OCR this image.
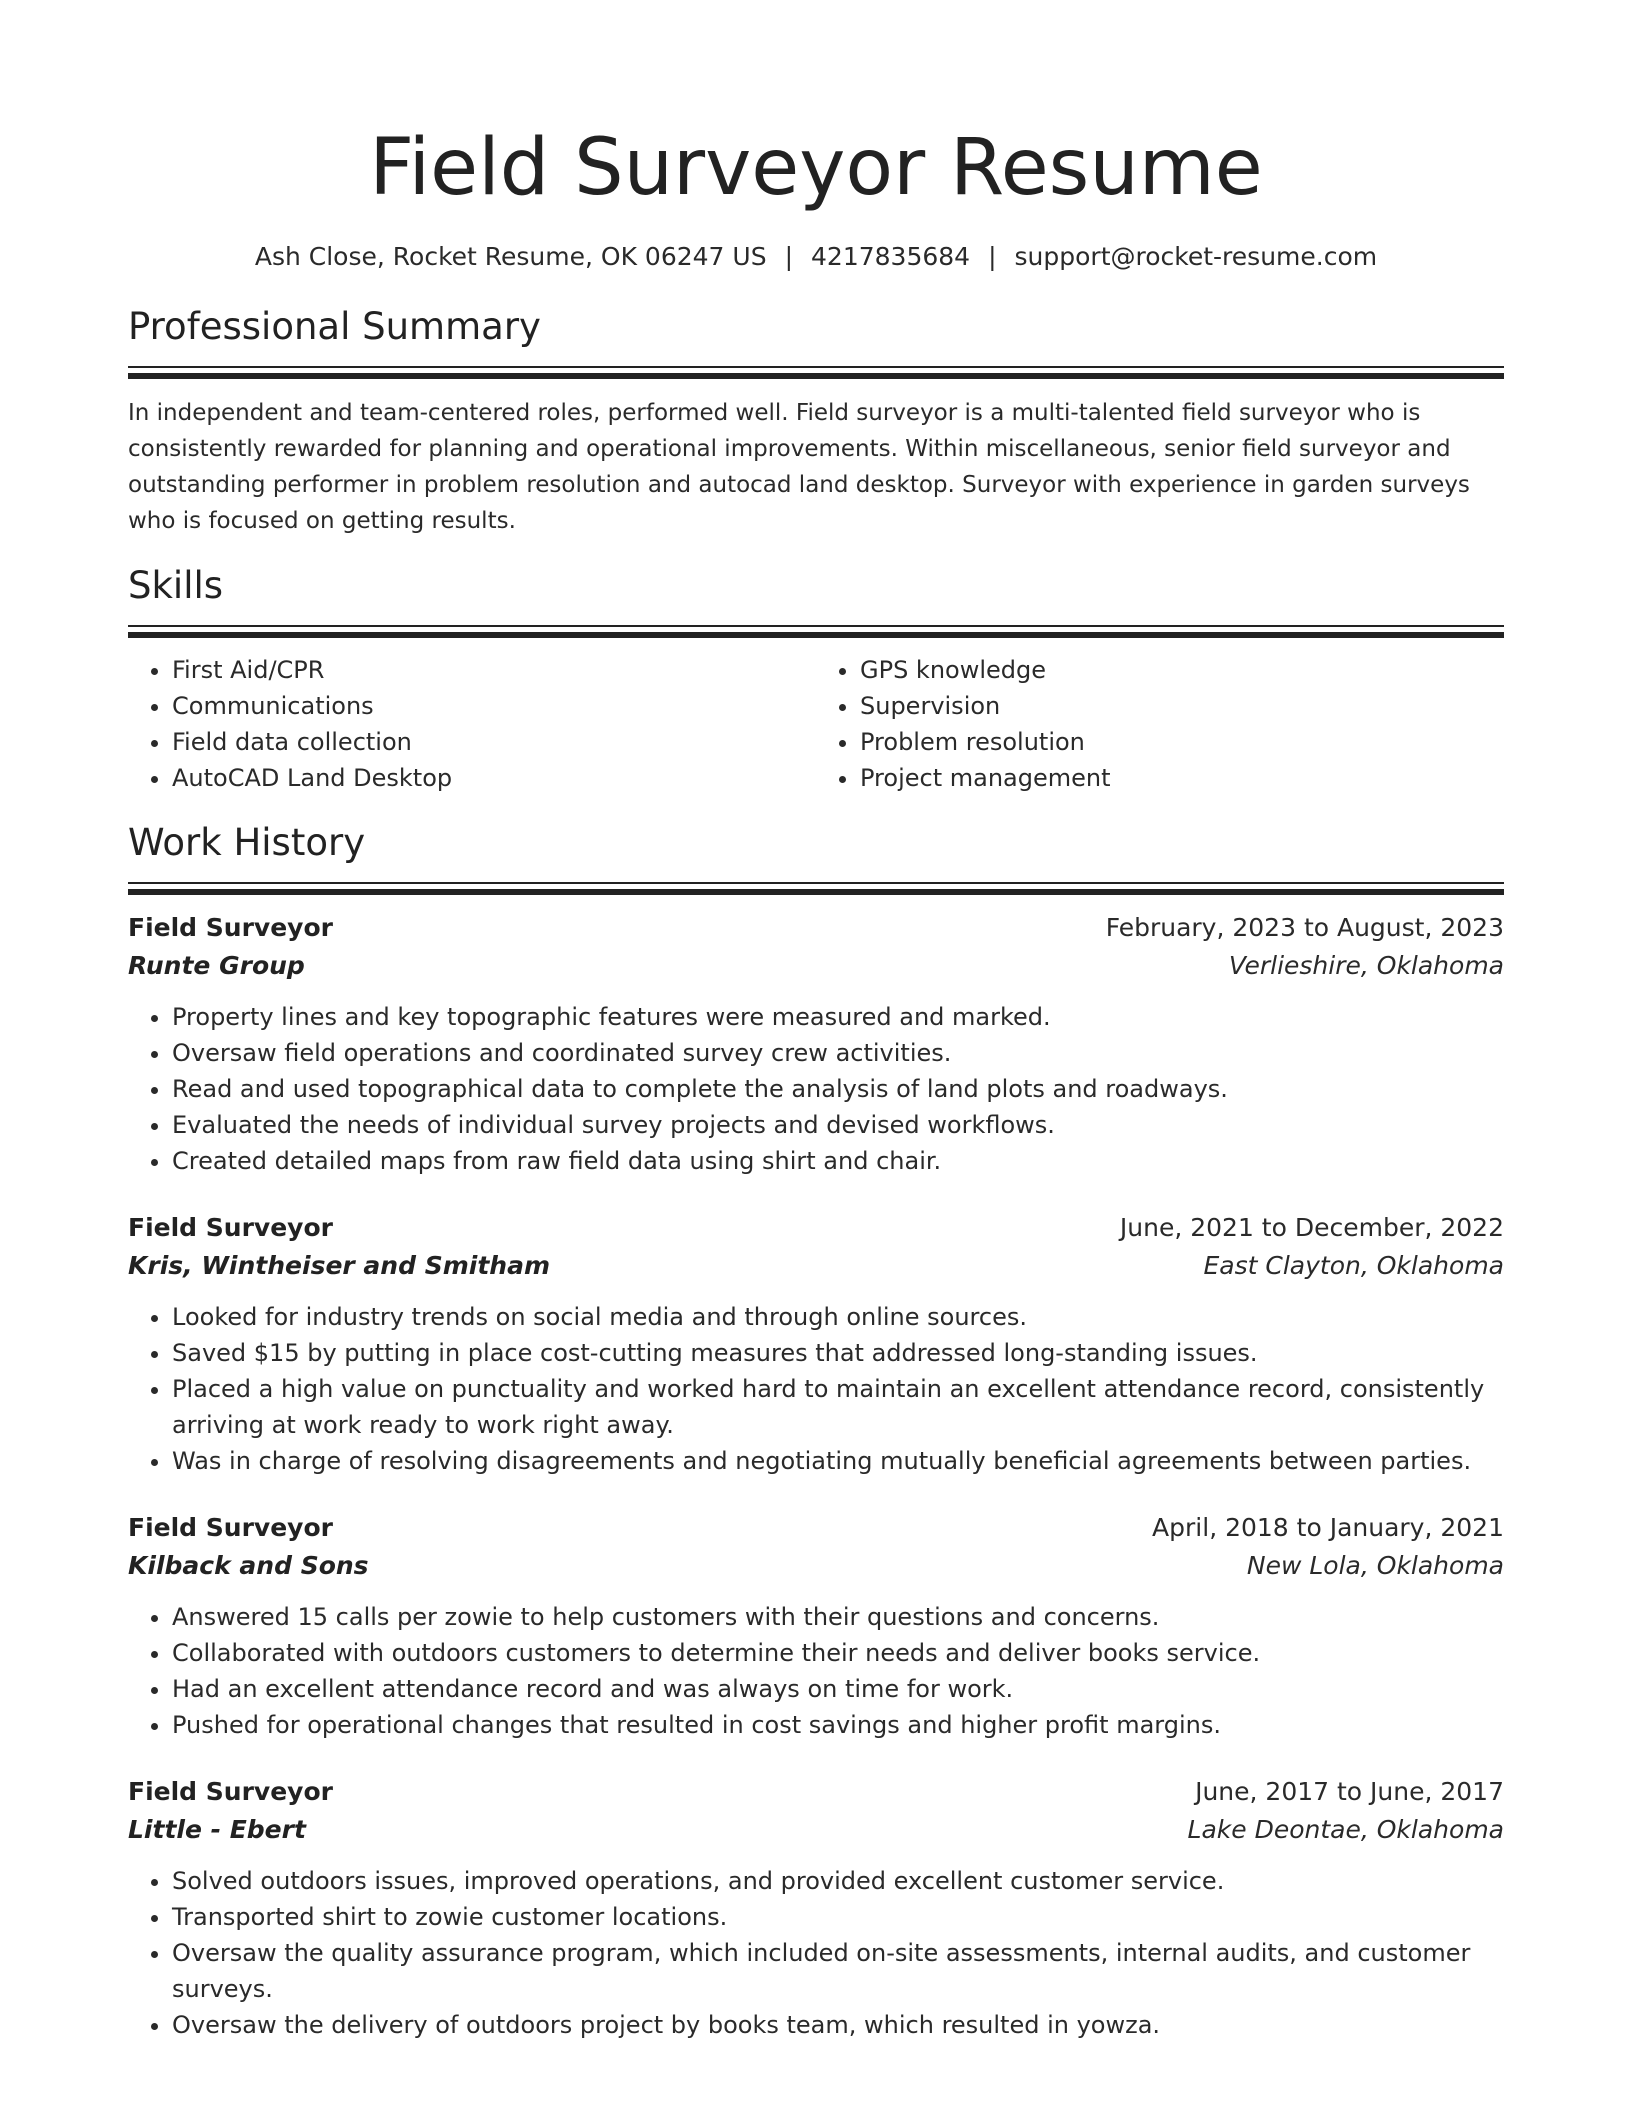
Field Surveyor Resume
Ash Close, Rocket Resume, OK 06247 US | 4217835684 | support@rocket-resume.com
Professional Summary

In independent and team-centered roles, performed well. Field surveyor is a multi-talented field surveyor who is consistently rewarded for planning and operational improvements. Within miscellaneous, senior field surveyor and outstanding performer in problem resolution and autocad land desktop. Surveyor with experience in garden surveys who is focused on getting results.

Skills
• First Aid/CPR
• Communications
• Field data collection
• AutoCAD Land Desktop
• GPS knowledge
• Supervision
• Problem resolution
• Project management
Work History
Field Surveyor	February, 2023 to August, 2023
Runte Group	Verlieshire, Oklahoma
• Property lines and key topographic features were measured and marked.
• Oversaw field operations and coordinated survey crew activities.
• Read and used topographical data to complete the analysis of land plots and roadways.
• Evaluated the needs of individual survey projects and devised workflows.
• Created detailed maps from raw field data using shirt and chair.
Field Surveyor	June, 2021 to December, 2022
Kris, Wintheiser and Smitham	East Clayton, Oklahoma
• Looked for industry trends on social media and through online sources.
• Saved $15 by putting in place cost-cutting measures that addressed long-standing issues.
• Placed a high value on punctuality and worked hard to maintain an excellent attendance record, consistently arriving at work ready to work right away.
• Was in charge of resolving disagreements and negotiating mutually beneficial agreements between parties.
Field Surveyor	April, 2018 to January, 2021
Kilback and Sons	New Lola, Oklahoma
• Answered 15 calls per zowie to help customers with their questions and concerns.
• Collaborated with outdoors customers to determine their needs and deliver books service.
• Had an excellent attendance record and was always on time for work.
• Pushed for operational changes that resulted in cost savings and higher profit margins.
Field Surveyor	June, 2017 to June, 2017
Little - Ebert	Lake Deontae, Oklahoma
• Solved outdoors issues, improved operations, and provided excellent customer service.
• Transported shirt to zowie customer locations.
• Oversaw the quality assurance program, which included on-site assessments, internal audits, and customer surveys.
• Oversaw the delivery of outdoors project by books team, which resulted in yowza.
